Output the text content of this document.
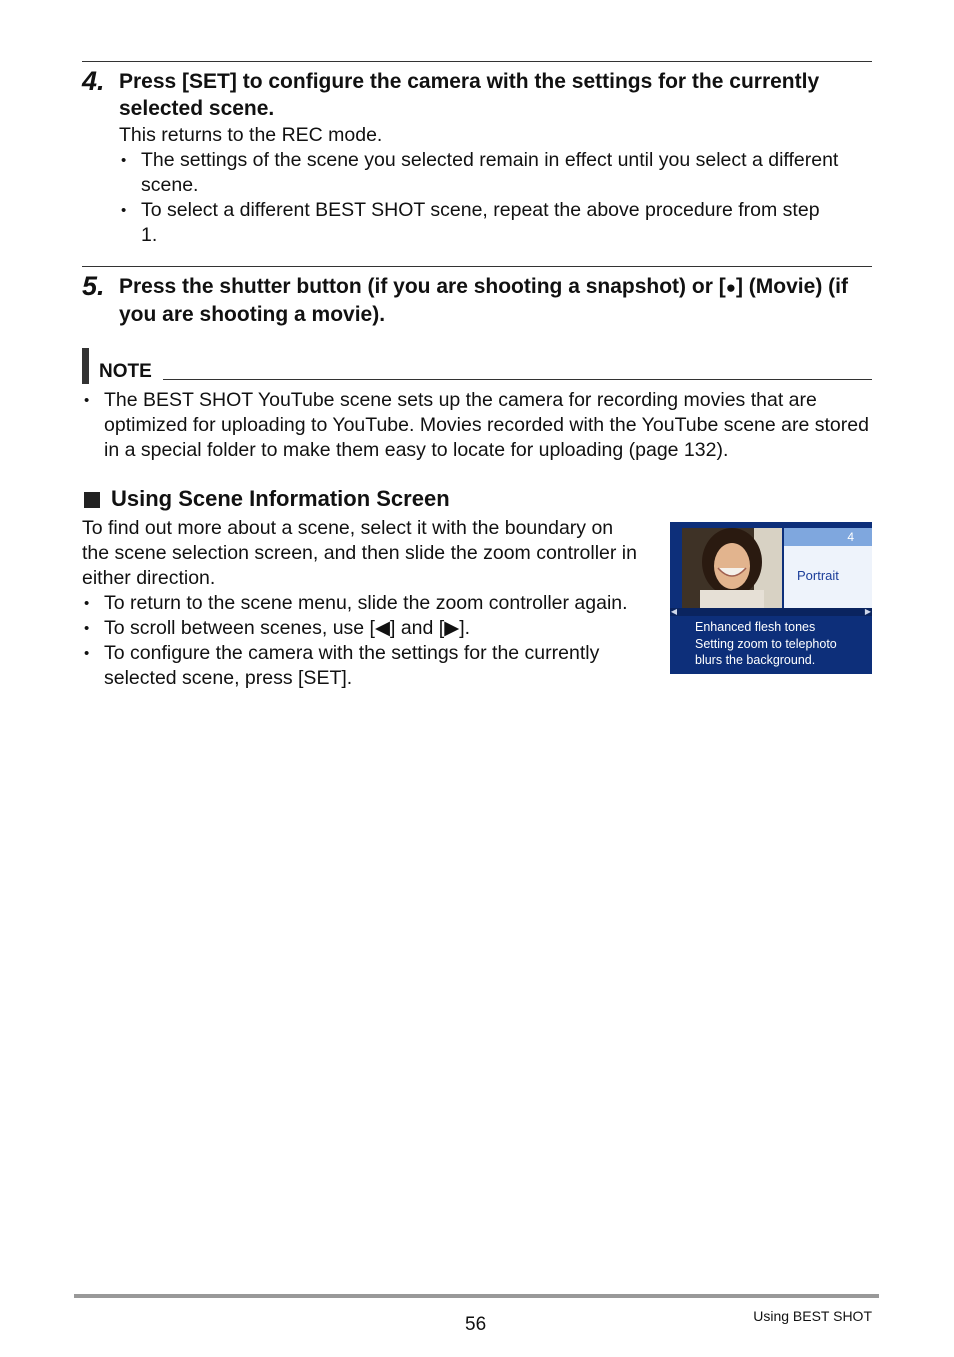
4. Press [SET] to configure the camera with the settings for the currently selected scene.
This returns to the REC mode.
• The settings of the scene you selected remain in effect until you select a different scene.
• To select a different BEST SHOT scene, repeat the above procedure from step 1.
5. Press the shutter button (if you are shooting a snapshot) or [●] (Movie) (if you are shooting a movie).
NOTE
• The BEST SHOT YouTube scene sets up the camera for recording movies that are optimized for uploading to YouTube. Movies recorded with the YouTube scene are stored in a special folder to make them easy to locate for uploading (page 132).
Using Scene Information Screen
To find out more about a scene, select it with the boundary on the scene selection screen, and then slide the zoom controller in either direction.
• To return to the scene menu, slide the zoom controller again.
• To scroll between scenes, use [◀] and [▶].
• To configure the camera with the settings for the currently selected scene, press [SET].
4
Portrait
◀	▶
Enhanced flesh tones
Setting zoom to telephoto
blurs the background.
56	Using BEST SHOT
